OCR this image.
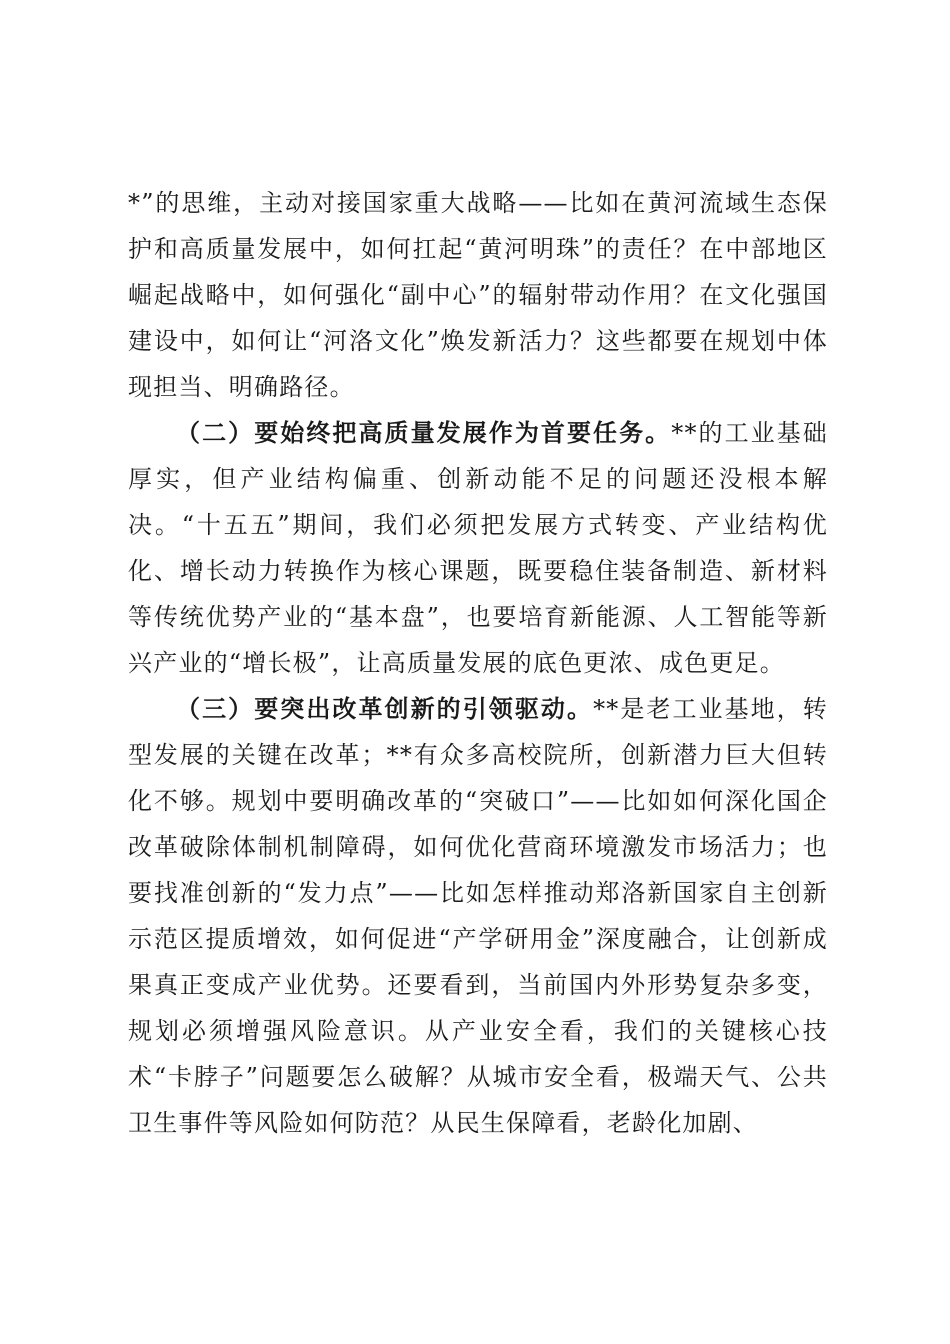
*”的思维，主动对接国家重大战略——比如在黄河流域生态保护和高质量发展中，如何扛起“黄河明珠”的责任？在中部地区崛起战略中，如何强化“副中心”的辐射带动作用？在文化强国建设中，如何让“河洛文化”焕发新活力？这些都要在规划中体现担当、明确路径。

（二）要始终把高质量发展作为首要任务。**的工业基础厚实，但产业结构偏重、创新动能不足的问题还没根本解决。“十五五”期间，我们必须把发展方式转变、产业结构优化、增长动力转换作为核心课题，既要稳住装备制造、新材料等传统优势产业的“基本盘”，也要培育新能源、人工智能等新兴产业的“增长极”，让高质量发展的底色更浓、成色更足。

（三）要突出改革创新的引领驱动。**是老工业基地，转型发展的关键在改革；**有众多高校院所，创新潜力巨大但转化不够。规划中要明确改革的“突破口”——比如如何深化国企改革破除体制机制障碍，如何优化营商环境激发市场活力；也要找准创新的“发力点”——比如怎样推动郑洛新国家自主创新示范区提质增效，如何促进“产学研用金”深度融合，让创新成果真正变成产业优势。还要看到，当前国内外形势复杂多变，规划必须增强风险意识。从产业安全看，我们的关键核心技术“卡脖子”问题要怎么破解？从城市安全看，极端天气、公共卫生事件等风险如何防范？从民生保障看，老龄化加剧、
